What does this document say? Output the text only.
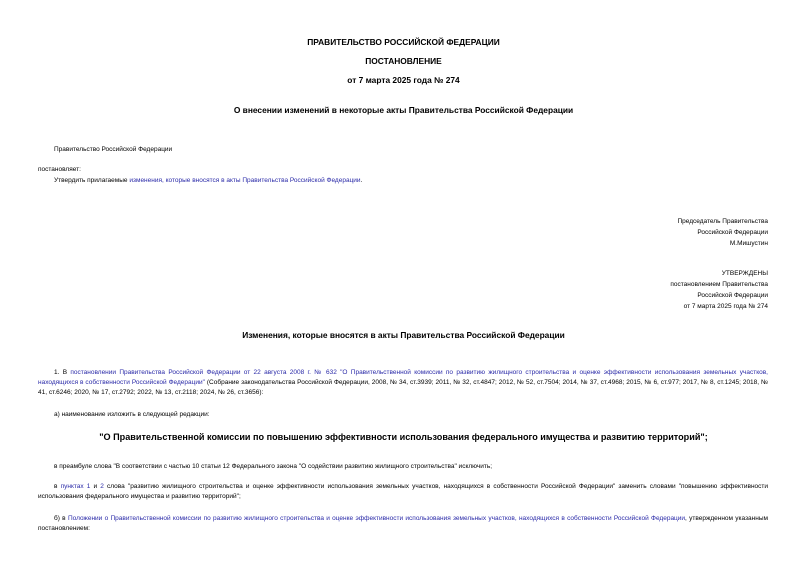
ПРАВИТЕЛЬСТВО РОССИЙСКОЙ ФЕДЕРАЦИИ
ПОСТАНОВЛЕНИЕ
от 7 марта 2025 года № 274
О внесении изменений в некоторые акты Правительства Российской Федерации
Правительство Российской Федерации
постановляет:
Утвердить прилагаемые изменения, которые вносятся в акты Правительства Российской Федерации.
Председатель Правительства
Российской Федерации
М.Мишустин
УТВЕРЖДЕНЫ
постановлением Правительства
Российской Федерации
от 7 марта 2025 года № 274
Изменения, которые вносятся в акты Правительства Российской Федерации
1. В постановлении Правительства Российской Федерации от 22 августа 2008 г. № 632 "О Правительственной комиссии по развитию жилищного строительства и оценке эффективности использования земельных участков, находящихся в собственности Российской Федерации" (Собрание законодательства Российской Федерации, 2008, № 34, ст.3939; 2011, № 32, ст.4847; 2012, № 52, ст.7504; 2014, № 37, ст.4968; 2015, № 6, ст.977; 2017, № 8, ст.1245; 2018, № 41, ст.6246; 2020, № 17, ст.2792; 2022, № 13, ст.2118; 2024, № 26, ст.3656):
а) наименование изложить в следующей редакции:
"О Правительственной комиссии по повышению эффективности использования федерального имущества и развитию территорий";
в преамбуле слова "В соответствии с частью 10 статьи 12 Федерального закона "О содействии развитию жилищного строительства" исключить;
в пунктах 1 и 2 слова "развитию жилищного строительства и оценке эффективности использования земельных участков, находящихся в собственности Российской Федерации" заменить словами "повышению эффективности использования федерального имущества и развитию территорий";
б) в Положении о Правительственной комиссии по развитию жилищного строительства и оценке эффективности использования земельных участков, находящихся в собственности Российской Федерации, утвержденном указанным постановлением:
